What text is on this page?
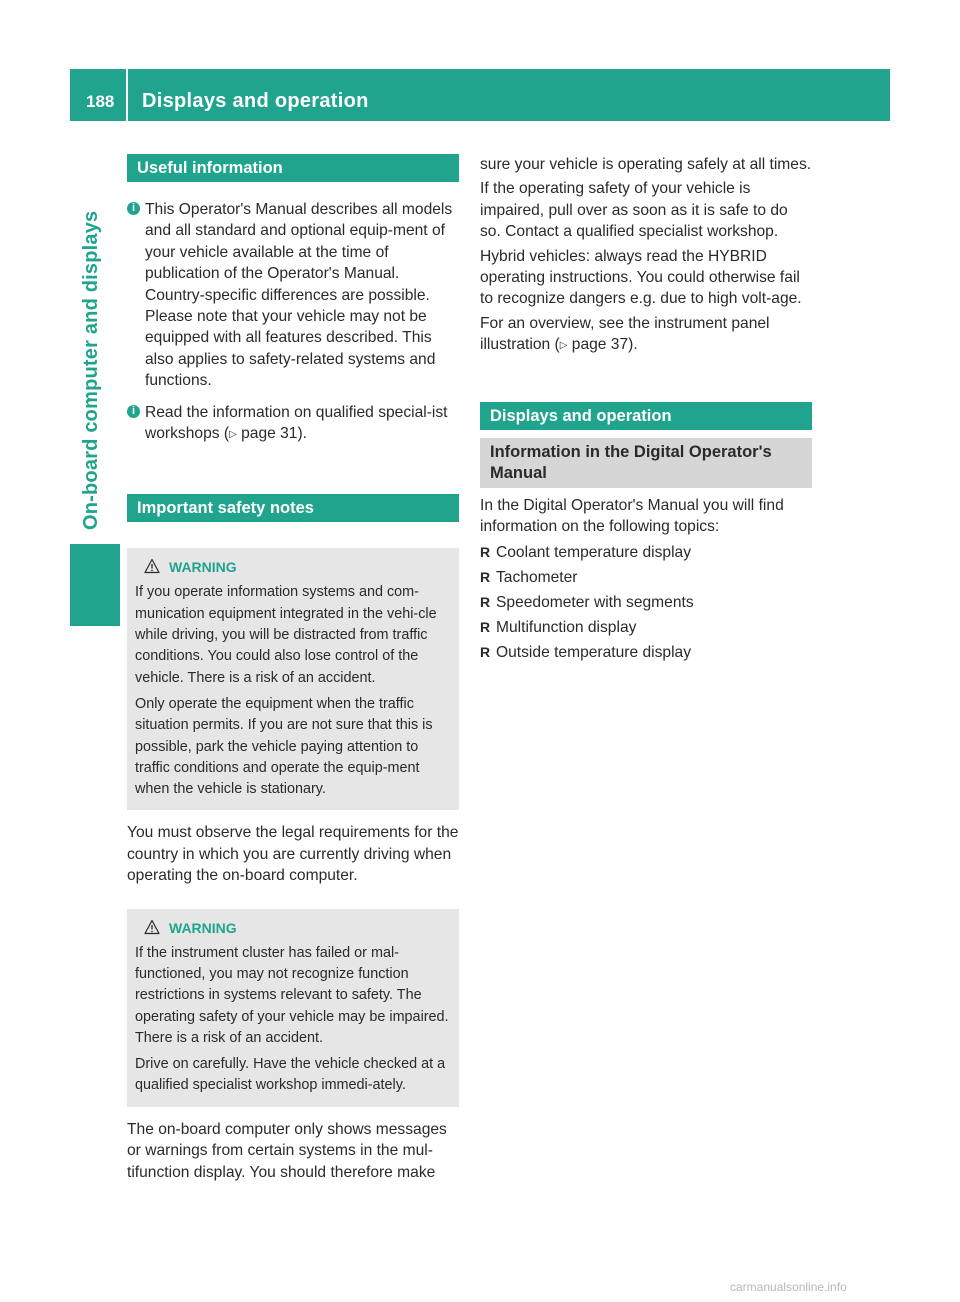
188 Displays and operation
On-board computer and displays
Useful information
i This Operator's Manual describes all models and all standard and optional equip-ment of your vehicle available at the time of publication of the Operator's Manual. Country-specific differences are possible. Please note that your vehicle may not be equipped with all features described. This also applies to safety-related systems and functions.
i Read the information on qualified special-ist workshops (▷ page 31).
Important safety notes
WARNING

If you operate information systems and com-munication equipment integrated in the vehi-cle while driving, you will be distracted from traffic conditions. You could also lose control of the vehicle. There is a risk of an accident.

Only operate the equipment when the traffic situation permits. If you are not sure that this is possible, park the vehicle paying attention to traffic conditions and operate the equip-ment when the vehicle is stationary.

You must observe the legal requirements for the country in which you are currently driving when operating the on-board computer.

WARNING

If the instrument cluster has failed or mal-functioned, you may not recognize function restrictions in systems relevant to safety. The operating safety of your vehicle may be impaired. There is a risk of an accident.

Drive on carefully. Have the vehicle checked at a qualified specialist workshop immedi-ately.

The on-board computer only shows messages or warnings from certain systems in the mul-tifunction display. You should therefore make

sure your vehicle is operating safely at all times.

If the operating safety of your vehicle is impaired, pull over as soon as it is safe to do so. Contact a qualified specialist workshop.

Hybrid vehicles: always read the HYBRID operating instructions. You could otherwise fail to recognize dangers e.g. due to high volt-age.

For an overview, see the instrument panel illustration (▷ page 37).

Displays and operation
Information in the Digital Operator's Manual

In the Digital Operator's Manual you will find information on the following topics:

R Coolant temperature display
R Tachometer
R Speedometer with segments
R Multifunction display
R Outside temperature display
carmanualsonline.info
